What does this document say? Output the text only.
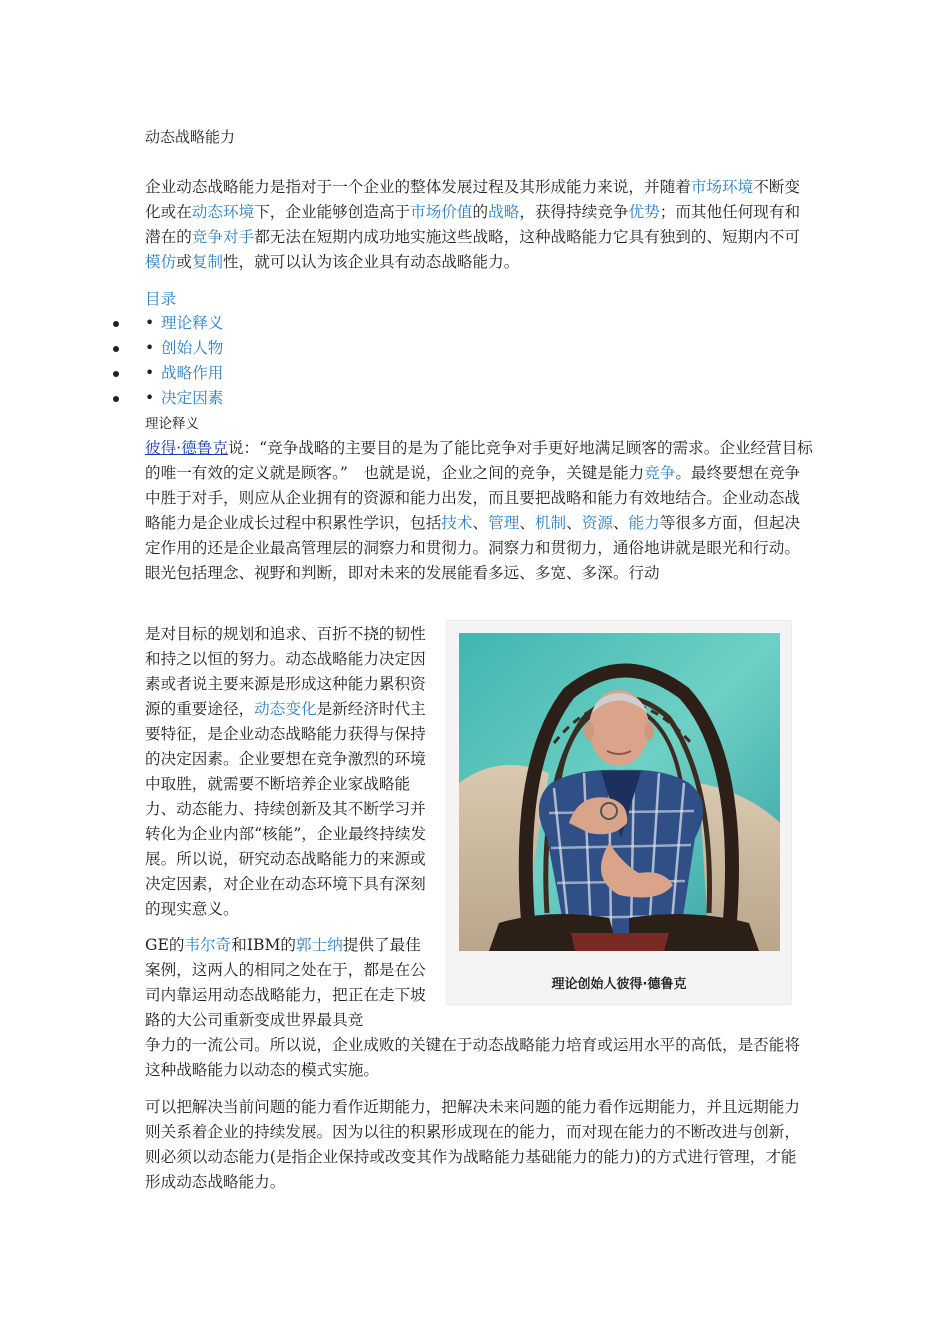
动态战略能力

企业动态战略能力是指对于一个企业的整体发展过程及其形成能力来说，并随着市场环境不断变化或在动态环境下，企业能够创造高于市场价值的战略，获得持续竞争优势；而其他任何现有和潜在的竞争对手都无法在短期内成功地实施这些战略，这种战略能力它具有独到的、短期内不可模仿或复制性，就可以认为该企业具有动态战略能力。

目录
• 理论释义
• 创始人物
• 战略作用
• 决定因素
理论释义

彼得·德鲁克说：“竞争战略的主要目的是为了能比竞争对手更好地满足顾客的需求。企业经营目标的唯一有效的定义就是顾客。”　也就是说，企业之间的竞争，关键是能力竞争。最终要想在竞争中胜于对手，则应从企业拥有的资源和能力出发，而且要把战略和能力有效地结合。企业动态战略能力是企业成长过程中积累性学识，包括技术、管理、机制、资源、能力等很多方面，但起决定作用的还是企业最高管理层的洞察力和贯彻力。洞察力和贯彻力，通俗地讲就是眼光和行动。眼光包括理念、视野和判断，即对未来的发展能看多远、多宽、多深。行动

是对目标的规划和追求、百折不挠的韧性和持之以恒的努力。动态战略能力决定因素或者说主要来源是形成这种能力累积资源的重要途径，动态变化是新经济时代主要特征，是企业动态战略能力获得与保持的决定因素。企业要想在竞争激烈的环境中取胜，就需要不断培养企业家战略能力、动态能力、持续创新及其不断学习并转化为企业内部“核能”，企业最终持续发展。所以说，研究动态战略能力的来源或决定因素，对企业在动态环境下具有深刻的现实意义。

GE的韦尔奇和IBM的郭士纳提供了最佳案例，这两人的相同之处在于，都是在公司内靠运用动态战略能力，把正在走下坡路的大公司重新变成世界最具竞

争力的一流公司。所以说，企业成败的关键在于动态战略能力培育或运用水平的高低，是否能将这种战略能力以动态的模式实施。

可以把解决当前问题的能力看作近期能力，把解决未来问题的能力看作远期能力，并且远期能力则关系着企业的持续发展。因为以往的积累形成现在的能力，而对现在能力的不断改进与创新，则必须以动态能力(是指企业保持或改变其作为战略能力基础能力的能力)的方式进行管理，才能形成动态战略能力。

理论创始人彼得·德鲁克
